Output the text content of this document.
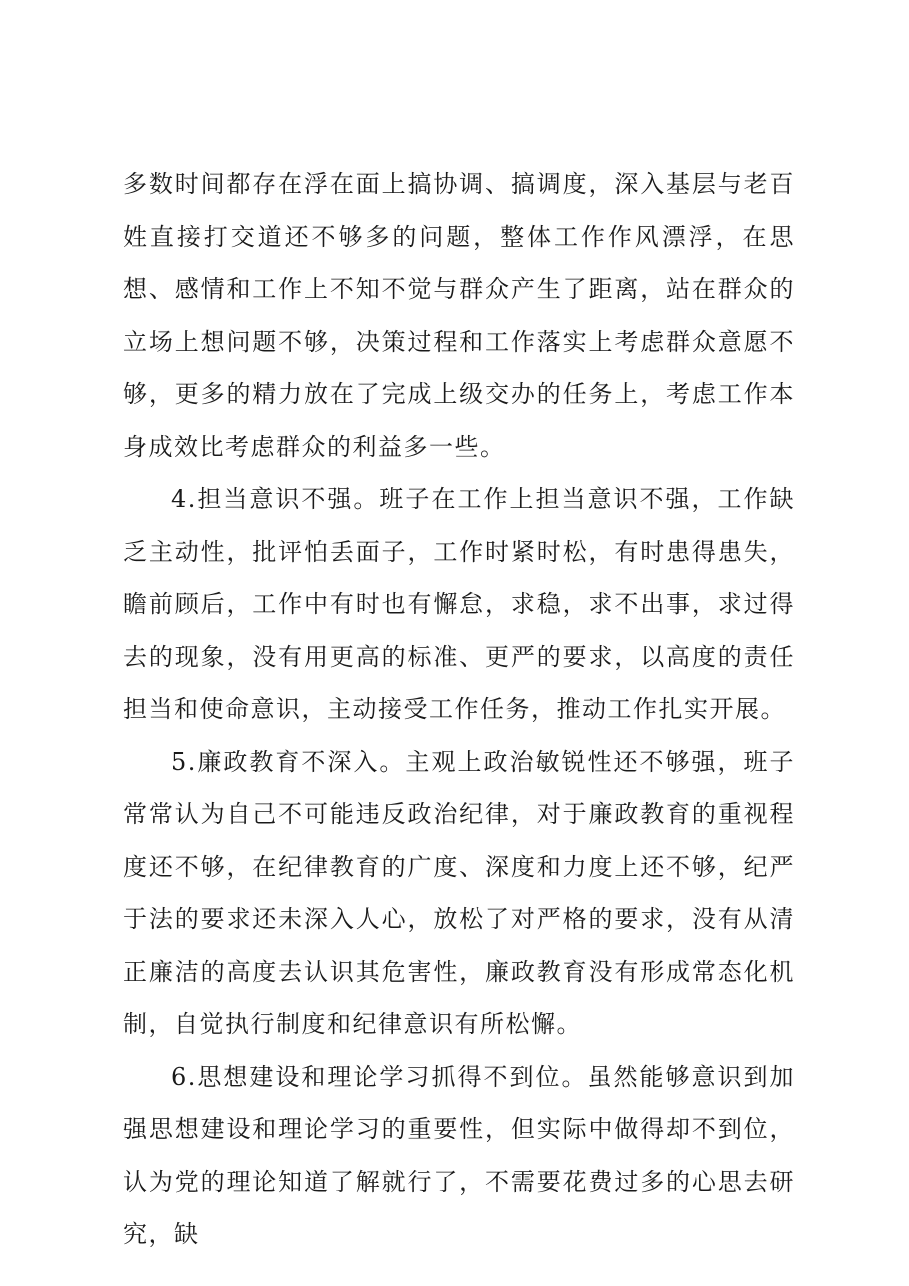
多数时间都存在浮在面上搞协调、搞调度，深入基层与老百姓直接打交道还不够多的问题，整体工作作风漂浮，在思想、感情和工作上不知不觉与群众产生了距离，站在群众的立场上想问题不够，决策过程和工作落实上考虑群众意愿不够，更多的精力放在了完成上级交办的任务上，考虑工作本身成效比考虑群众的利益多一些。

4.担当意识不强。班子在工作上担当意识不强，工作缺乏主动性，批评怕丢面子，工作时紧时松，有时患得患失，瞻前顾后，工作中有时也有懈怠，求稳，求不出事，求过得去的现象，没有用更高的标准、更严的要求，以高度的责任担当和使命意识，主动接受工作任务，推动工作扎实开展。

5.廉政教育不深入。主观上政治敏锐性还不够强，班子常常认为自己不可能违反政治纪律，对于廉政教育的重视程度还不够，在纪律教育的广度、深度和力度上还不够，纪严于法的要求还未深入人心，放松了对严格的要求，没有从清正廉洁的高度去认识其危害性，廉政教育没有形成常态化机制，自觉执行制度和纪律意识有所松懈。

6.思想建设和理论学习抓得不到位。虽然能够意识到加强思想建设和理论学习的重要性，但实际中做得却不到位，认为党的理论知道了解就行了，不需要花费过多的心思去研究，缺
